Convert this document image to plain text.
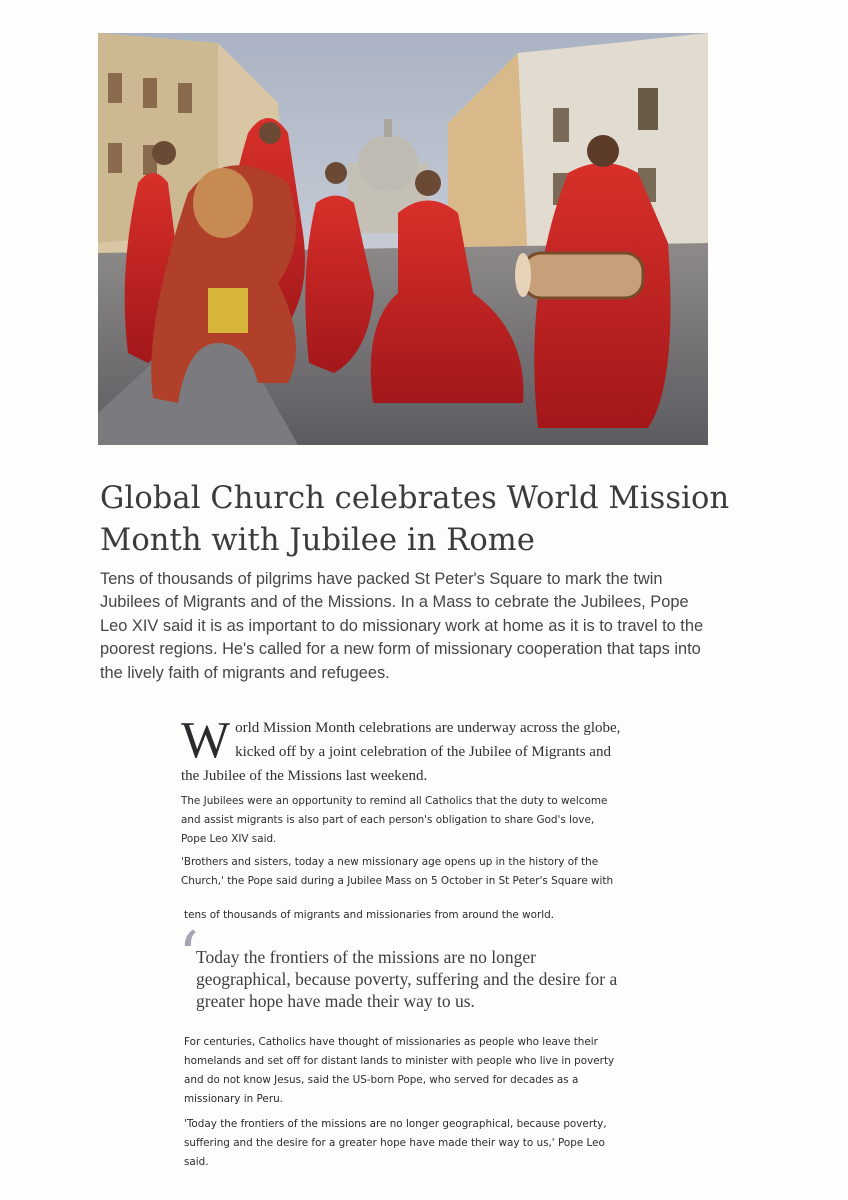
Global Church celebrates World Mission Month with Jubilee in Rome

Tens of thousands of pilgrims have packed St Peter's Square to mark the twin Jubilees of Migrants and of the Missions. In a Mass to cebrate the Jubilees, Pope Leo XIV said it is as important to do missionary work at home as it is to travel to the poorest regions. He's called for a new form of missionary cooperation that taps into the lively faith of migrants and refugees.

World Mission Month celebrations are underway across the globe, kicked off by a joint celebration of the Jubilee of Migrants and the Jubilee of the Missions last weekend.

The Jubilees were an opportunity to remind all Catholics that the duty to welcome and assist migrants is also part of each person's obligation to share God's love, Pope Leo XIV said.

'Brothers and sisters, today a new missionary age opens up in the history of the Church,' the Pope said during a Jubilee Mass on 5 October in St Peter's Square with

tens of thousands of migrants and missionaries from around the world.

‘

Today the frontiers of the missions are no longer geographical, because poverty, suffering and the desire for a greater hope have made their way to us.

For centuries, Catholics have thought of missionaries as people who leave their homelands and set off for distant lands to minister with people who live in poverty and do not know Jesus, said the US-born Pope, who served for decades as a missionary in Peru.

'Today the frontiers of the missions are no longer geographical, because poverty, suffering and the desire for a greater hope have made their way to us,' Pope Leo said.
